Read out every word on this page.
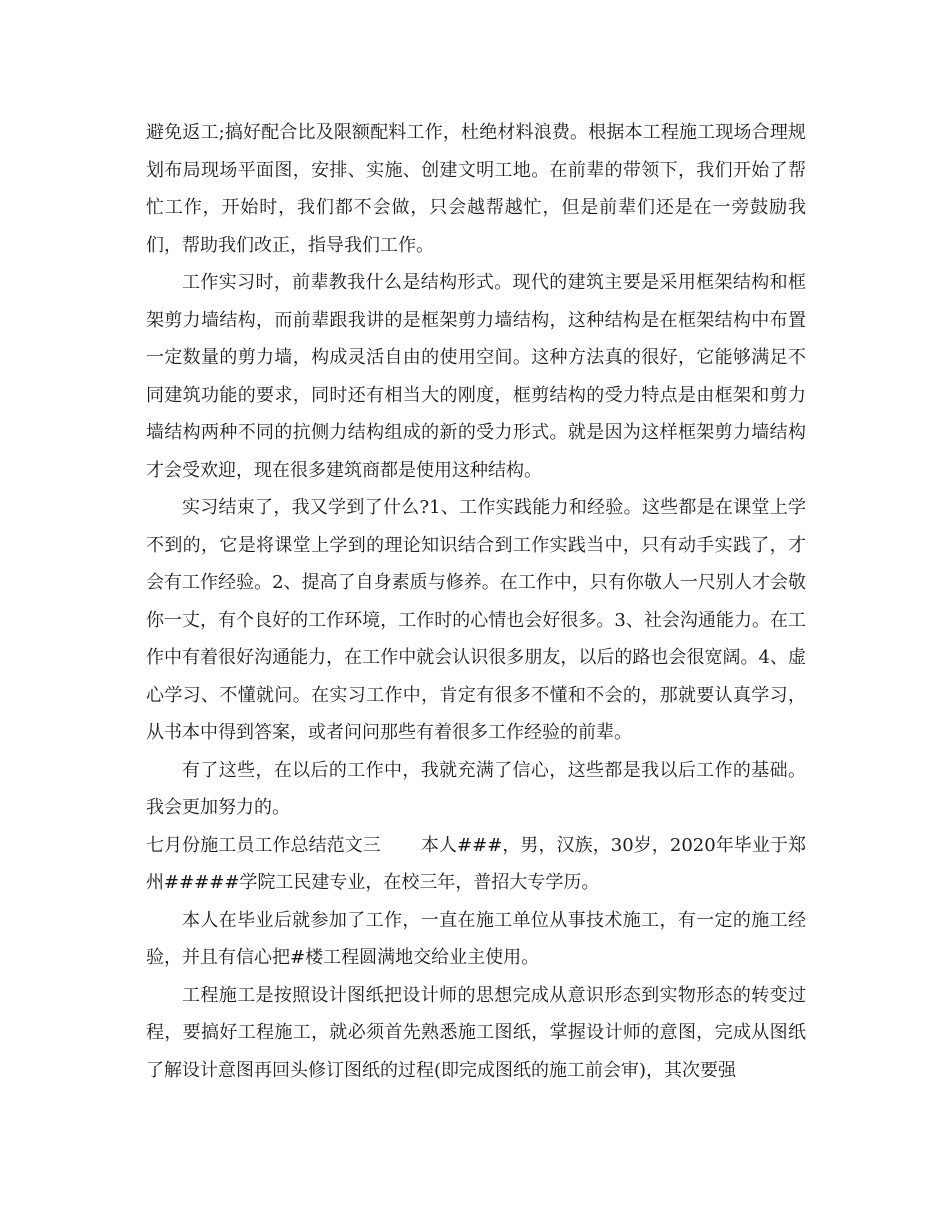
避免返工;搞好配合比及限额配料工作，杜绝材料浪费。根据本工程施工现场合理规划布局现场平面图，安排、实施、创建文明工地。在前辈的带领下，我们开始了帮忙工作，开始时，我们都不会做，只会越帮越忙，但是前辈们还是在一旁鼓励我们，帮助我们改正，指导我们工作。

工作实习时，前辈教我什么是结构形式。现代的建筑主要是采用框架结构和框架剪力墙结构，而前辈跟我讲的是框架剪力墙结构，这种结构是在框架结构中布置一定数量的剪力墙，构成灵活自由的使用空间。这种方法真的很好，它能够满足不同建筑功能的要求，同时还有相当大的刚度，框剪结构的受力特点是由框架和剪力墙结构两种不同的抗侧力结构组成的新的受力形式。就是因为这样框架剪力墙结构才会受欢迎，现在很多建筑商都是使用这种结构。

实习结束了，我又学到了什么?1、工作实践能力和经验。这些都是在课堂上学不到的，它是将课堂上学到的理论知识结合到工作实践当中，只有动手实践了，才会有工作经验。2、提高了自身素质与修养。在工作中，只有你敬人一尺别人才会敬你一丈，有个良好的工作环境，工作时的心情也会好很多。3、社会沟通能力。在工作中有着很好沟通能力，在工作中就会认识很多朋友，以后的路也会很宽阔。4、虚心学习、不懂就问。在实习工作中，肯定有很多不懂和不会的，那就要认真学习，从书本中得到答案，或者问问那些有着很多工作经验的前辈。

有了这些，在以后的工作中，我就充满了信心，这些都是我以后工作的基础。我会更加努力的。

七月份施工员工作总结范文三 本人###，男，汉族，30岁，2020年毕业于郑州#####学院工民建专业，在校三年，普招大专学历。

本人在毕业后就参加了工作，一直在施工单位从事技术施工，有一定的施工经验，并且有信心把#楼工程圆满地交给业主使用。

工程施工是按照设计图纸把设计师的思想完成从意识形态到实物形态的转变过程，要搞好工程施工，就必须首先熟悉施工图纸，掌握设计师的意图，完成从图纸了解设计意图再回头修订图纸的过程(即完成图纸的施工前会审)，其次要强
